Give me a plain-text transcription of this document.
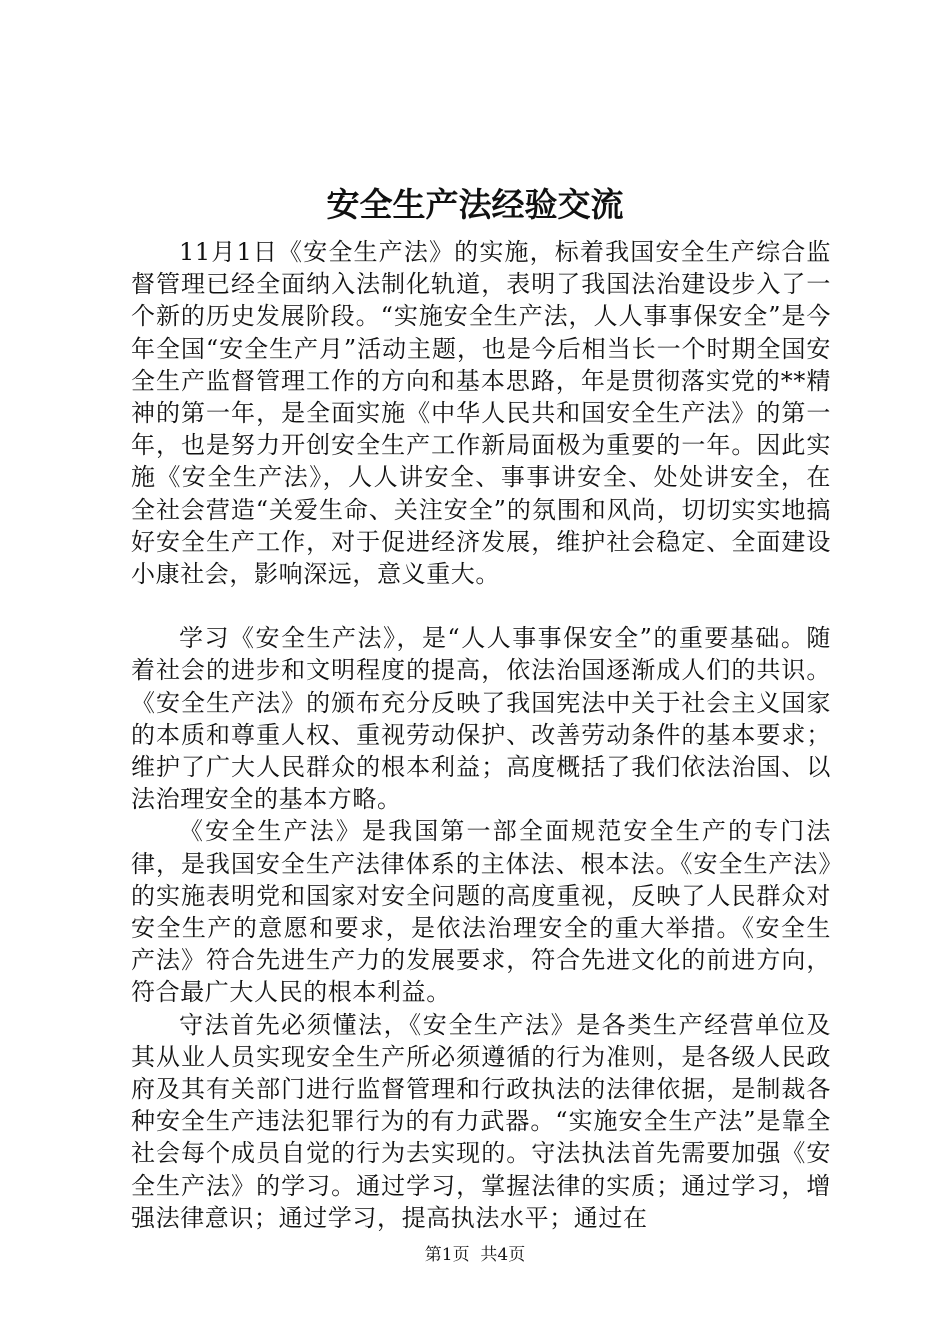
安全生产法经验交流

11月1日《安全生产法》的实施，标着我国安全生产综合监督管理已经全面纳入法制化轨道，表明了我国法治建设步入了一个新的历史发展阶段。“实施安全生产法，人人事事保安全”是今年全国“安全生产月”活动主题，也是今后相当长一个时期全国安全生产监督管理工作的方向和基本思路，年是贯彻落实党的**精神的第一年，是全面实施《中华人民共和国安全生产法》的第一年，也是努力开创安全生产工作新局面极为重要的一年。因此实施《安全生产法》，人人讲安全、事事讲安全、处处讲安全，在全社会营造“关爱生命、关注安全”的氛围和风尚，切切实实地搞好安全生产工作，对于促进经济发展，维护社会稳定、全面建设小康社会，影响深远，意义重大。

学习《安全生产法》，是“人人事事保安全”的重要基础。随着社会的进步和文明程度的提高，依法治国逐渐成人们的共识。《安全生产法》的颁布充分反映了我国宪法中关于社会主义国家的本质和尊重人权、重视劳动保护、改善劳动条件的基本要求；维护了广大人民群众的根本利益；高度概括了我们依法治国、以法治理安全的基本方略。

《安全生产法》是我国第一部全面规范安全生产的专门法律，是我国安全生产法律体系的主体法、根本法。《安全生产法》的实施表明党和国家对安全问题的高度重视，反映了人民群众对安全生产的意愿和要求，是依法治理安全的重大举措。《安全生产法》符合先进生产力的发展要求，符合先进文化的前进方向，符合最广大人民的根本利益。

守法首先必须懂法，《安全生产法》是各类生产经营单位及其从业人员实现安全生产所必须遵循的行为准则，是各级人民政府及其有关部门进行监督管理和行政执法的法律依据，是制裁各种安全生产违法犯罪行为的有力武器。“实施安全生产法”是靠全社会每个成员自觉的行为去实现的。守法执法首先需要加强《安全生产法》的学习。通过学习，掌握法律的实质；通过学习，增强法律意识；通过学习，提高执法水平；通过在

第1页  共4页
